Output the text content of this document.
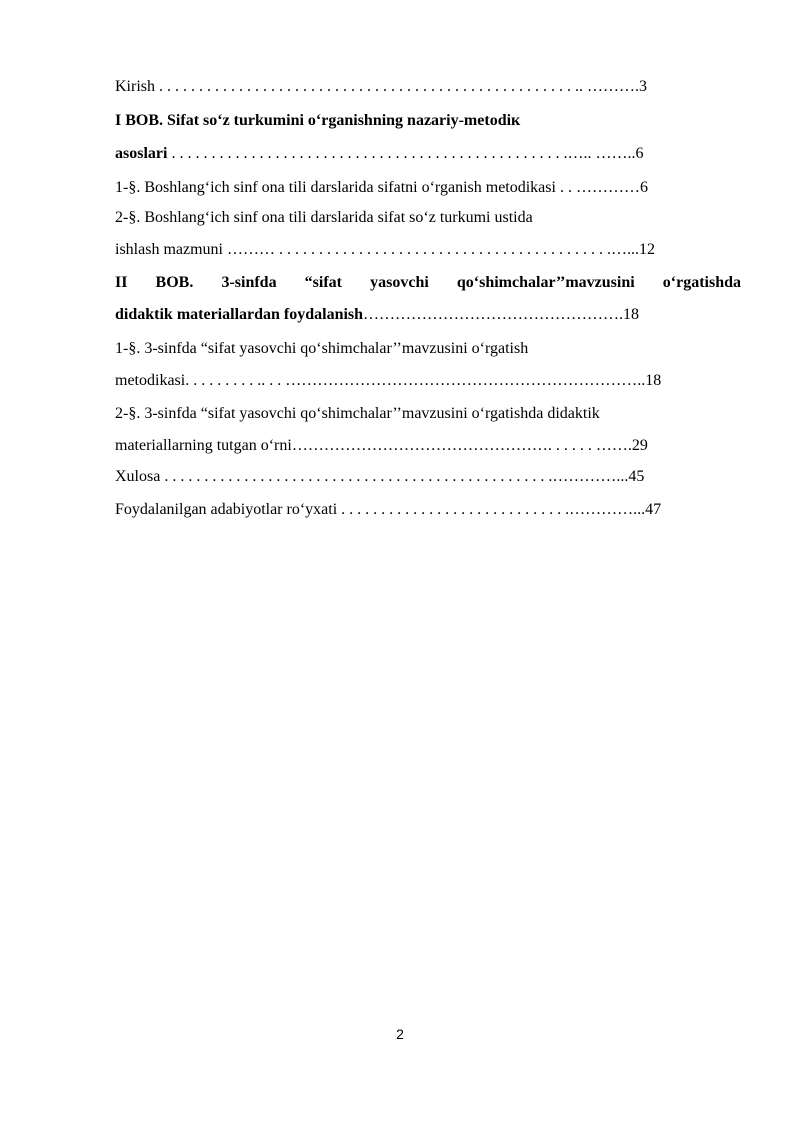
Kirish . . . . . . . . . . . . . . . . . . . . . . . . . . . . . . . . . . . . . . . . . . . . . . . . . . . . .. ……….3
I BOB. Sifat so‘z turkumini o‘rganishning nazariy-metodiк
asoslari . . . . . . . . . . . . . . . . . . . . . . . . . . . . . . . . . . . . . . . . . . . . . . . . . .….. ……..6
1-§. Boshlang‘ich sinf ona tili darslarida sifatni o‘rganish metodikasi . . …………6
2-§. Boshlang‘ich sinf ona tili darslarida sifat so‘z turkumi ustida
ishlash mazmuni ……… . . . . . . . . . . . . . . . . . . . . . . . . . . . . . . . . . . . . . . . . . .…...12
II BOB. 3-sinfda “sifat yasovchi qo‘shimchalar’’mavzusini o‘rgatishda
didaktik materiallardan foydalanish………………………………………….18
1-§. 3-sinfda “sifat yasovchi qo‘shimchalar’’mavzusini o‘rgatish
metodikasi. . . . . . . . . .. . . …………………………………………………………..18
2-§. 3-sinfda “sifat yasovchi qo‘shimchalar’’mavzusini o‘rgatishda didaktik
materiallarning tutgan o‘rni…………………………………………. . . . . . …….29
Xulosa . . . . . . . . . . . . . . . . . . . . . . . . . . . . . . . . . . . . . . . . . . . . . . . . .…………...45
Foydalanilgan adabiyotlar ro‘yxati . . . . . . . . . . . . . . . . . . . . . . . . . . . . .…………...47
2
